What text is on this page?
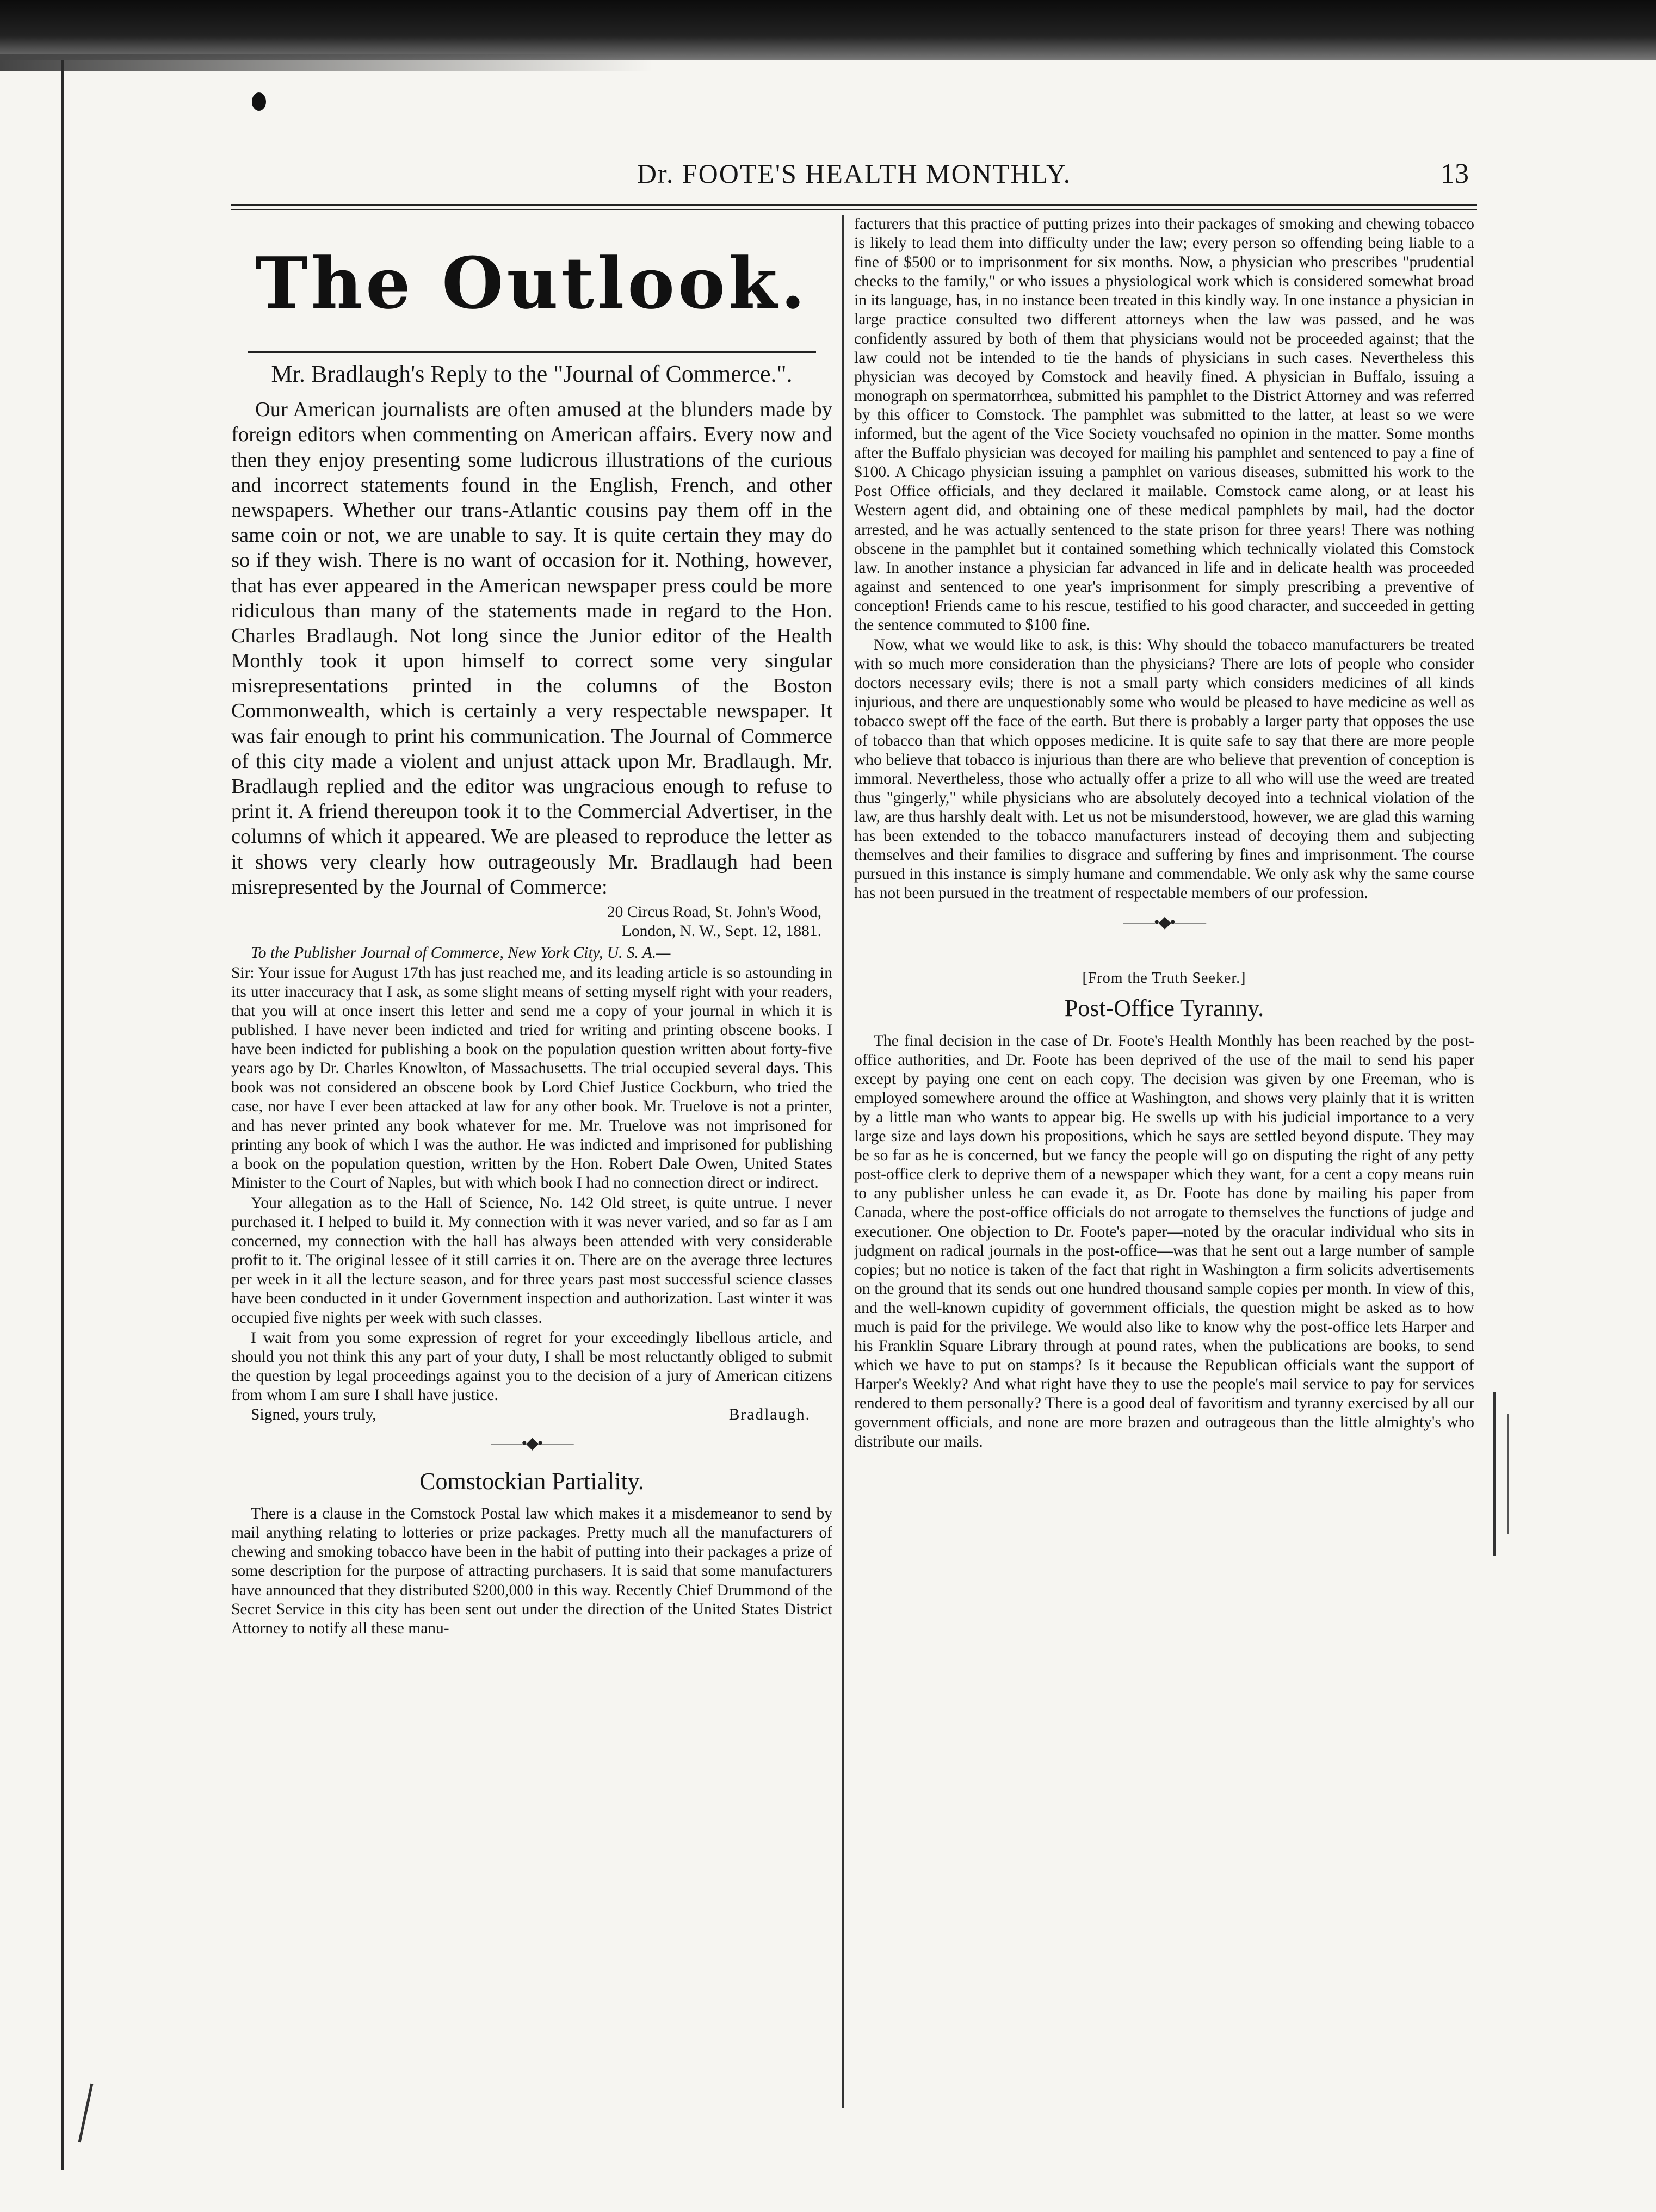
Dr. FOOTE'S HEALTH MONTHLY.	13
The Outlook.
Mr. Bradlaugh's Reply to the "Journal of Commerce.".

Our American journalists are often amused at the blunders made by foreign editors when commenting on American affairs. Every now and then they enjoy presenting some ludicrous illustrations of the curious and incorrect statements found in the English, French, and other newspapers. Whether our trans-Atlantic cousins pay them off in the same coin or not, we are unable to say. It is quite certain they may do so if they wish. There is no want of occasion for it. Nothing, however, that has ever appeared in the American newspaper press could be more ridiculous than many of the statements made in regard to the Hon. Charles Bradlaugh. Not long since the Junior editor of the Health Monthly took it upon himself to correct some very singular misrepresentations printed in the columns of the Boston Commonwealth, which is certainly a very respectable newspaper. It was fair enough to print his communication. The Journal of Commerce of this city made a violent and unjust attack upon Mr. Bradlaugh. Mr. Bradlaugh replied and the editor was ungracious enough to refuse to print it. A friend thereupon took it to the Commercial Advertiser, in the columns of which it appeared. We are pleased to reproduce the letter as it shows very clearly how outrageously Mr. Bradlaugh had been misrepresented by the Journal of Commerce:

20 Circus Road, St. John's Wood,
London, N. W., Sept. 12, 1881.

To the Publisher Journal of Commerce, New York City, U. S. A.—

Sir: Your issue for August 17th has just reached me, and its leading article is so astounding in its utter inaccuracy that I ask, as some slight means of setting myself right with your readers, that you will at once insert this letter and send me a copy of your journal in which it is published. I have never been indicted and tried for writing and printing obscene books. I have been indicted for publishing a book on the population question written about forty-five years ago by Dr. Charles Knowlton, of Massachusetts. The trial occupied several days. This book was not considered an obscene book by Lord Chief Justice Cockburn, who tried the case, nor have I ever been attacked at law for any other book. Mr. Truelove is not a printer, and has never printed any book whatever for me. Mr. Truelove was not imprisoned for printing any book of which I was the author. He was indicted and imprisoned for publishing a book on the population question, written by the Hon. Robert Dale Owen, United States Minister to the Court of Naples, but with which book I had no connection direct or indirect.

Your allegation as to the Hall of Science, No. 142 Old street, is quite untrue. I never purchased it. I helped to build it. My connection with it was never varied, and so far as I am concerned, my connection with the hall has always been attended with very considerable profit to it. The original lessee of it still carries it on. There are on the average three lectures per week in it all the lecture season, and for three years past most successful science classes have been conducted in it under Government inspection and authorization. Last winter it was occupied five nights per week with such classes.

I wait from you some expression of regret for your exceedingly libellous article, and should you not think this any part of your duty, I shall be most reluctantly obliged to submit the question by legal proceedings against you to the decision of a jury of American citizens from whom I am sure I shall have justice.

Signed, yours truly,	Bradlaugh.
——•◆•——
Comstockian Partiality.

There is a clause in the Comstock Postal law which makes it a misdemeanor to send by mail anything relating to lotteries or prize packages. Pretty much all the manufacturers of chewing and smoking tobacco have been in the habit of putting into their packages a prize of some description for the purpose of attracting purchasers. It is said that some manufacturers have announced that they distributed $200,000 in this way. Recently Chief Drummond of the Secret Service in this city has been sent out under the direction of the United States District Attorney to notify all these manu-

facturers that this practice of putting prizes into their packages of smoking and chewing tobacco is likely to lead them into difficulty under the law; every person so offending being liable to a fine of $500 or to imprisonment for six months. Now, a physician who prescribes "prudential checks to the family," or who issues a physiological work which is considered somewhat broad in its language, has, in no instance been treated in this kindly way. In one instance a physician in large practice consulted two different attorneys when the law was passed, and he was confidently assured by both of them that physicians would not be proceeded against; that the law could not be intended to tie the hands of physicians in such cases. Nevertheless this physician was decoyed by Comstock and heavily fined. A physician in Buffalo, issuing a monograph on spermatorrhœa, submitted his pamphlet to the District Attorney and was referred by this officer to Comstock. The pamphlet was submitted to the latter, at least so we were informed, but the agent of the Vice Society vouchsafed no opinion in the matter. Some months after the Buffalo physician was decoyed for mailing his pamphlet and sentenced to pay a fine of $100. A Chicago physician issuing a pamphlet on various diseases, submitted his work to the Post Office officials, and they declared it mailable. Comstock came along, or at least his Western agent did, and obtaining one of these medical pamphlets by mail, had the doctor arrested, and he was actually sentenced to the state prison for three years! There was nothing obscene in the pamphlet but it contained something which technically violated this Comstock law. In another instance a physician far advanced in life and in delicate health was proceeded against and sentenced to one year's imprisonment for simply prescribing a preventive of conception! Friends came to his rescue, testified to his good character, and succeeded in getting the sentence commuted to $100 fine.

Now, what we would like to ask, is this: Why should the tobacco manufacturers be treated with so much more consideration than the physicians? There are lots of people who consider doctors necessary evils; there is not a small party which considers medicines of all kinds injurious, and there are unquestionably some who would be pleased to have medicine as well as tobacco swept off the face of the earth. But there is probably a larger party that opposes the use of tobacco than that which opposes medicine. It is quite safe to say that there are more people who believe that tobacco is injurious than there are who believe that prevention of conception is immoral. Nevertheless, those who actually offer a prize to all who will use the weed are treated thus "gingerly," while physicians who are absolutely decoyed into a technical violation of the law, are thus harshly dealt with. Let us not be misunderstood, however, we are glad this warning has been extended to the tobacco manufacturers instead of decoying them and subjecting themselves and their families to disgrace and suffering by fines and imprisonment. The course pursued in this instance is simply humane and commendable. We only ask why the same course has not been pursued in the treatment of respectable members of our profession.

——•◆•——
[From the Truth Seeker.]
Post-Office Tyranny.

The final decision in the case of Dr. Foote's Health Monthly has been reached by the post-office authorities, and Dr. Foote has been deprived of the use of the mail to send his paper except by paying one cent on each copy. The decision was given by one Freeman, who is employed somewhere around the office at Washington, and shows very plainly that it is written by a little man who wants to appear big. He swells up with his judicial importance to a very large size and lays down his propositions, which he says are settled beyond dispute. They may be so far as he is concerned, but we fancy the people will go on disputing the right of any petty post-office clerk to deprive them of a newspaper which they want, for a cent a copy means ruin to any publisher unless he can evade it, as Dr. Foote has done by mailing his paper from Canada, where the post-office officials do not arrogate to themselves the functions of judge and executioner. One objection to Dr. Foote's paper—noted by the oracular individual who sits in judgment on radical journals in the post-office—was that he sent out a large number of sample copies; but no notice is taken of the fact that right in Washington a firm solicits advertisements on the ground that its sends out one hundred thousand sample copies per month. In view of this, and the well-known cupidity of government officials, the question might be asked as to how much is paid for the privilege. We would also like to know why the post-office lets Harper and his Franklin Square Library through at pound rates, when the publications are books, to send which we have to put on stamps? Is it because the Republican officials want the support of Harper's Weekly? And what right have they to use the people's mail service to pay for services rendered to them personally? There is a good deal of favoritism and tyranny exercised by all our government officials, and none are more brazen and outrageous than the little almighty's who distribute our mails.
